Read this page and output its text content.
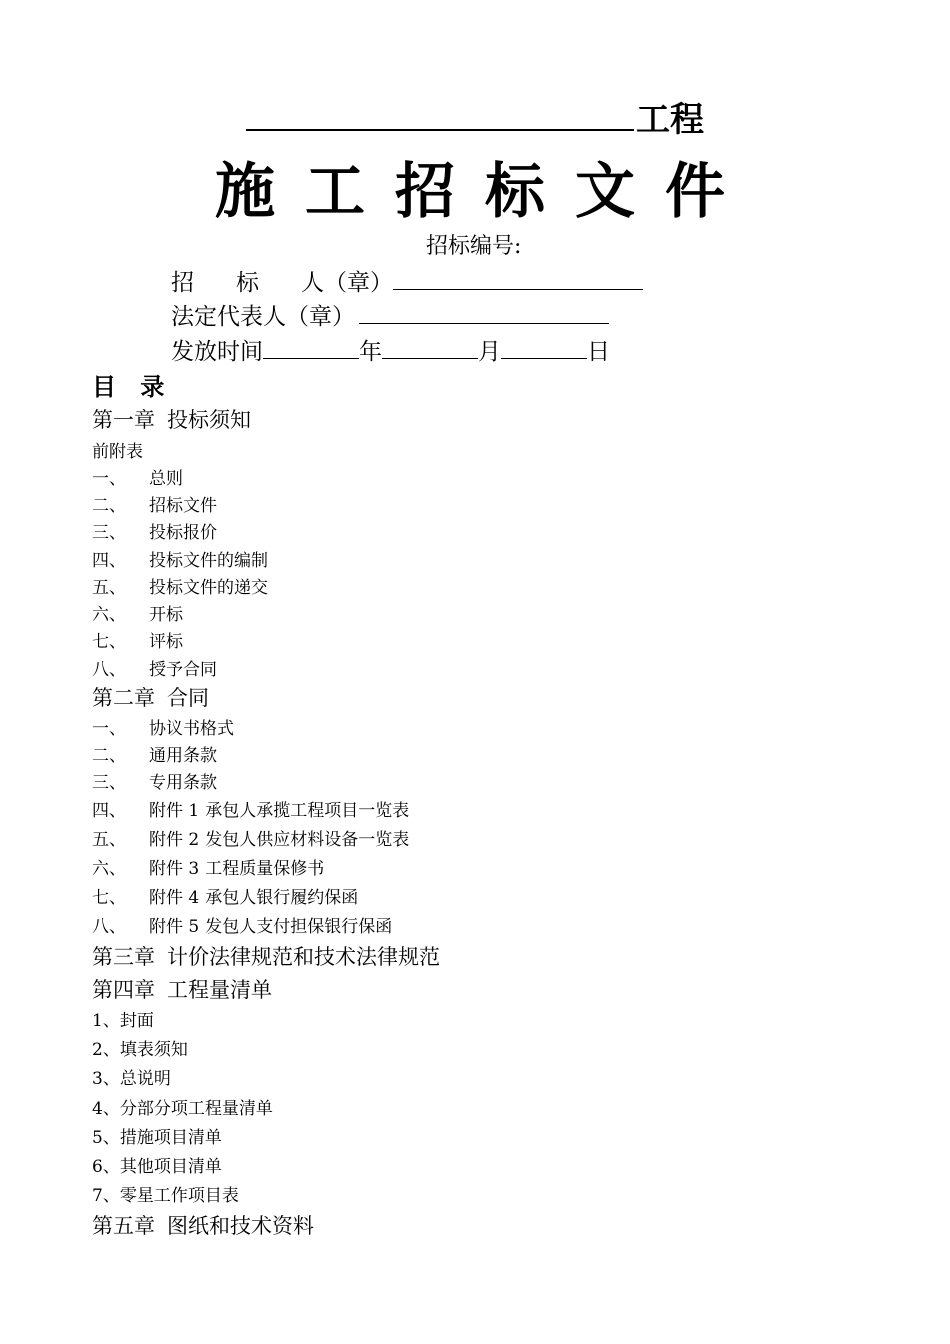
工程
施工招标文件
招标编号:
招 标 人（章）
法定代表人（章）
发放时间	年	月	日
目 录
第一章 投标须知
前附表
一、 总则
二、 招标文件
三、 投标报价
四、 投标文件的编制
五、 投标文件的递交
六、 开标
七、 评标
八、 授予合同
第二章 合同
一、 协议书格式
二、 通用条款
三、 专用条款
四、 附件 1 承包人承揽工程项目一览表
五、 附件 2 发包人供应材料设备一览表
六、 附件 3 工程质量保修书
七、 附件 4 承包人银行履约保函
八、 附件 5 发包人支付担保银行保函
第三章 计价法律规范和技术法律规范
第四章 工程量清单
1、封面
2、填表须知
3、总说明
4、分部分项工程量清单
5、措施项目清单
6、其他项目清单
7、零星工作项目表
第五章 图纸和技术资料
